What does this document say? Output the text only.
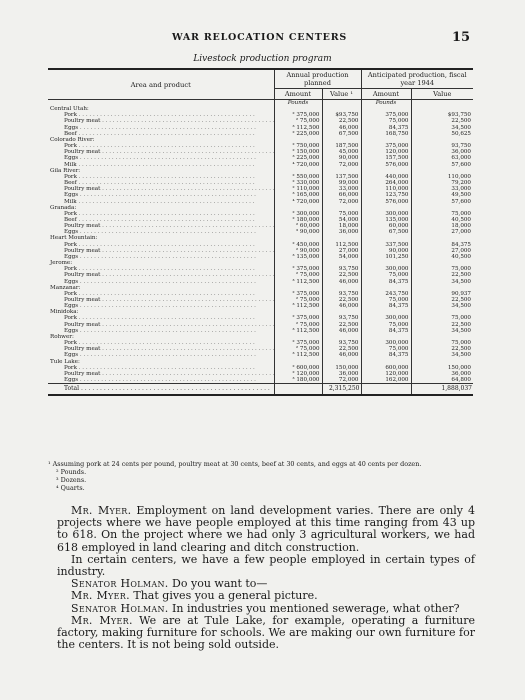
WAR RELOCATION CENTERS	15
Livestock production program
Area and product	Annual production planned		Anticipated production, fiscal year 1944	
	Amount	Value ¹	Amount	Value
	Pounds		Pounds	
Central Utah:				
Pork . . .	² 375,000	$93,750	375,000	$93,750
Poultry meat . . .	² 75,000	22,500	75,000	22,500
Eggs . . .	³ 112,500	46,000	84,375	34,500
Beef . . .	² 225,000	67,500	168,750	50,625
Colorado River:				
Pork . . .	² 750,000	187,500	375,000	93,750
Poultry meat . . .	² 150,000	45,000	120,000	36,000
Eggs . . .	³ 225,000	90,000	157,500	63,000
Milk . . .	⁴ 720,000	72,000	576,000	57,600
Gila River:				
Pork . . .	² 550,000	137,500	440,000	110,000
Beef . . .	² 330,000	99,000	264,000	79,200
Poultry meat . . .	² 110,000	33,000	110,000	33,000
Eggs . . .	³ 165,000	66,000	123,750	49,500
Milk . . .	⁴ 720,000	72,000	576,000	57,600
Granada:				
Pork . . .	² 300,000	75,000	300,000	75,000
Beef . . .	² 180,000	54,000	135,000	40,500
Poultry meat . . .	² 60,000	18,000	60,000	18,000
Eggs . . .	³ 90,000	36,000	67,500	27,000
Heart Mountain:				
Pork . . .	² 450,000	112,500	337,500	84,375
Poultry meat . . .	² 90,000	27,000	90,000	27,000
Eggs . . .	³ 135,000	54,000	101,250	40,500
Jerome:				
Pork . . .	² 375,000	93,750	300,000	75,000
Poultry meat . . .	² 75,000	22,500	75,000	22,500
Eggs . . .	³ 112,500	46,000	84,375	34,500
Manzanar:				
Pork . . .	² 375,000	93,750	243,750	90,937
Poultry meat . . .	² 75,000	22,500	75,000	22,500
Eggs . . .	³ 112,500	46,000	84,375	34,500
Minidoka:				
Pork . . .	² 375,000	93,750	300,000	75,000
Poultry meat . . .	² 75,000	22,500	75,000	22,500
Eggs . . .	³ 112,500	46,000	84,375	34,500
Rohwer:				
Pork . . .	² 375,000	93,750	300,000	75,000
Poultry meat . . .	² 75,000	22,500	75,000	22,500
Eggs . . .	³ 112,500	46,000	84,375	34,500
Tule Lake:				
Pork . . .	² 600,000	150,000	600,000	150,000
Poultry meat . . .	² 120,000	36,000	120,000	36,000
Eggs . . .	³ 180,000	72,000	162,000	64,800
Total . . .		2,315,250		1,888,037

¹ Assuming pork at 24 cents per pound, poultry meat at 30 cents, beef at 30 cents, and eggs at 40 cents per dozen.

² Pounds.

³ Dozens.

⁴ Quarts.

Mr. Myer. Employment on land development varies. There are only 4 projects where we have people employed at this time ranging from 43 up to 618. On the project where we had only 3 agricultural workers, we had 618 employed in land clearing and ditch construction.

In certain centers, we have a few people employed in certain types of industry.

Senator Holman. Do you want to—

Mr. Myer. That gives you a general picture.

Senator Holman. In industries you mentioned sewerage, what other?

Mr. Myer. We are at Tule Lake, for example, operating a furniture factory, making furniture for schools. We are making our own furniture for the centers. It is not being sold outside.
